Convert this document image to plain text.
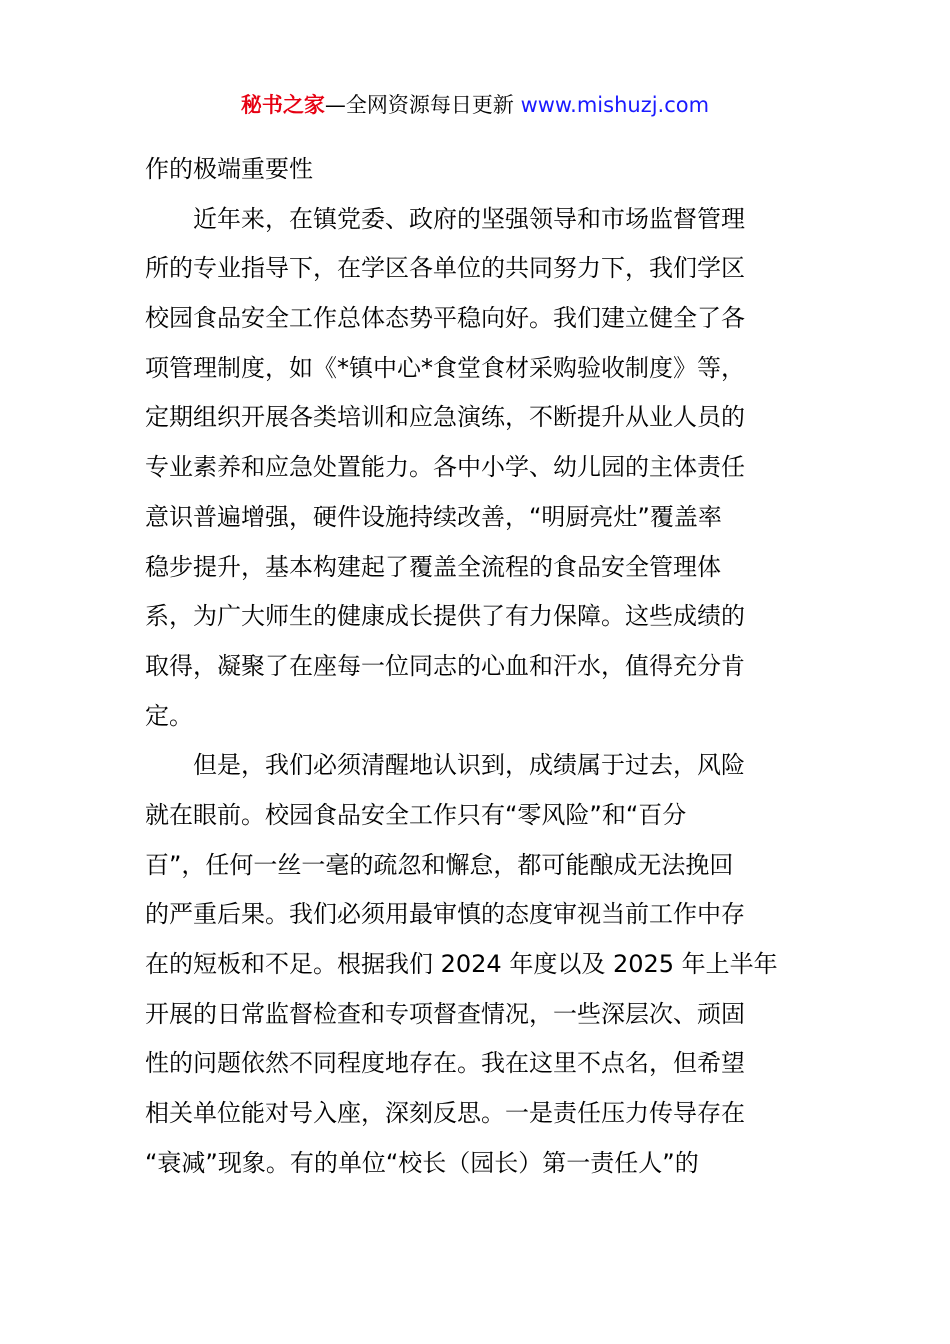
秘书之家—全网资源每日更新 www.mishuzj.com
作的极端重要性
近年来，在镇党委、政府的坚强领导和市场监督管理
所的专业指导下，在学区各单位的共同努力下，我们学区
校园食品安全工作总体态势平稳向好。我们建立健全了各
项管理制度，如《*镇中心*食堂食材采购验收制度》等，
定期组织开展各类培训和应急演练，不断提升从业人员的
专业素养和应急处置能力。各中小学、幼儿园的主体责任
意识普遍增强，硬件设施持续改善，“明厨亮灶”覆盖率
稳步提升，基本构建起了覆盖全流程的食品安全管理体
系，为广大师生的健康成长提供了有力保障。这些成绩的
取得，凝聚了在座每一位同志的心血和汗水，值得充分肯
定。
但是，我们必须清醒地认识到，成绩属于过去，风险
就在眼前。校园食品安全工作只有“零风险”和“百分
百”，任何一丝一毫的疏忽和懈怠，都可能酿成无法挽回
的严重后果。我们必须用最审慎的态度审视当前工作中存
在的短板和不足。根据我们 2024 年度以及 2025 年上半年
开展的日常监督检查和专项督查情况，一些深层次、顽固
性的问题依然不同程度地存在。我在这里不点名，但希望
相关单位能对号入座，深刻反思。一是责任压力传导存在
“衰减”现象。有的单位“校长（园长）第一责任人”的
